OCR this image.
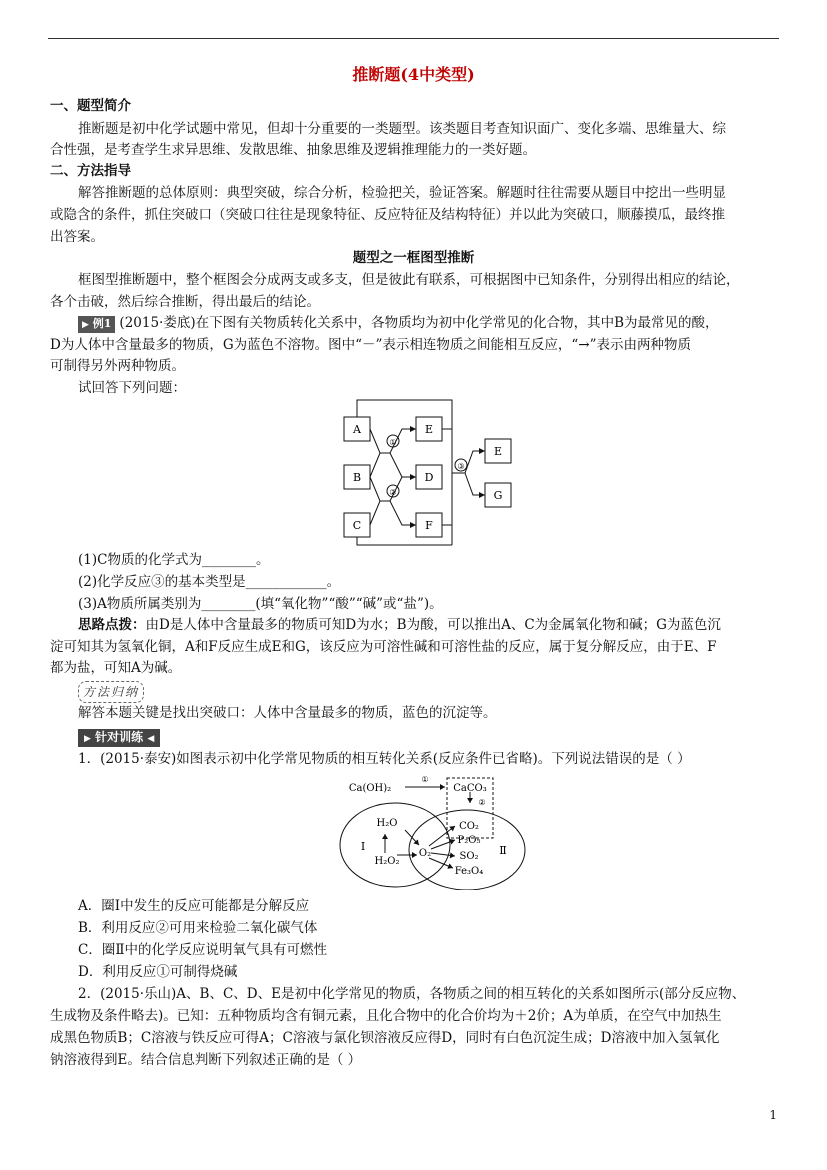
推断题(4中类型)
一、题型简介
推断题是初中化学试题中常见，但却十分重要的一类题型。该类题目考查知识面广、变化多端、思维量大、综
合性强，是考查学生求异思维、发散思维、抽象思维及逻辑推理能力的一类好题。
二、方法指导
解答推断题的总体原则：典型突破，综合分析，检验把关，验证答案。解题时往往需要从题目中挖出一些明显
或隐含的条件，抓住突破口（突破口往往是现象特征、反应特征及结构特征）并以此为突破口，顺藤摸瓜，最终推
出答案。
题型之一框图型推断
框图型推断题中，整个框图会分成两支或多支，但是彼此有联系，可根据图中已知条件，分别得出相应的结论，
各个击破，然后综合推断，得出最后的结论。
▶ 例1 (2015·娄底)在下图有关物质转化关系中，各物质均为初中化学常见的化合物，其中B为最常见的酸，
D为人体中含量最多的物质，G为蓝色不溶物。图中“－”表示相连物质之间能相互反应，“→”表示由两种物质
可制得另外两种物质。
试回答下列问题：
A
B
C
E
D
F
E
G
①
②
③
(1)C物质的化学式为________。
(2)化学反应③的基本类型是____________。
(3)A物质所属类别为________(填“氧化物”“酸”“碱”或“盐”)。
思路点拨：由D是人体中含量最多的物质可知D为水；B为酸，可以推出A、C为金属氧化物和碱；G为蓝色沉
淀可知其为氢氧化铜，A和F反应生成E和G，该反应为可溶性碱和可溶性盐的反应，属于复分解反应，由于E、F
都为盐，可知A为碱。
方法归纳
解答本题关键是找出突破口：人体中含量最多的物质，蓝色的沉淀等。
▶ 针对训练 ◀
1．(2015·泰安)如图表示初中化学常见物质的相互转化关系(反应条件已省略)。下列说法错误的是（ ）
Ca(OH)₂	CaCO₃
①
②
Ⅰ	Ⅱ
H₂O
H₂O₂
O₂
CO₂
P₂O₅
SO₂
Fe₃O₄
A．圈Ⅰ中发生的反应可能都是分解反应
B．利用反应②可用来检验二氧化碳气体
C．圈Ⅱ中的化学反应说明氧气具有可燃性
D．利用反应①可制得烧碱
2．(2015·乐山)A、B、C、D、E是初中化学常见的物质，各物质之间的相互转化的关系如图所示(部分反应物、
生成物及条件略去)。已知：五种物质均含有铜元素，且化合物中的化合价均为＋2价；A为单质，在空气中加热生
成黑色物质B；C溶液与铁反应可得A；C溶液与氯化钡溶液反应得D，同时有白色沉淀生成；D溶液中加入氢氧化
钠溶液得到E。结合信息判断下列叙述正确的是（ ）
1
